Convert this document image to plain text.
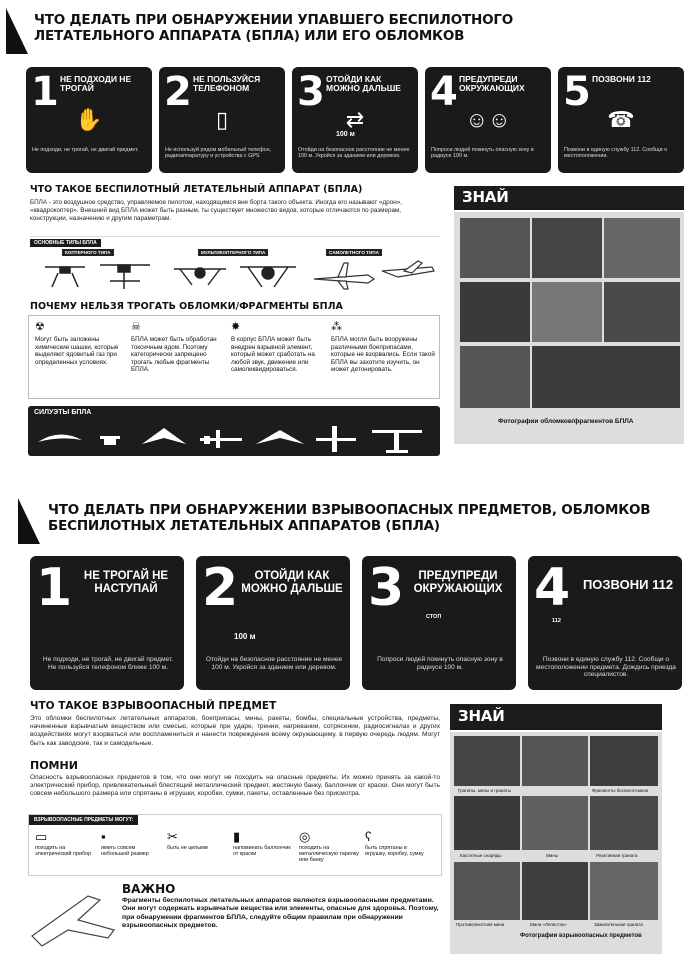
ЧТО ДЕЛАТЬ ПРИ ОБНАРУЖЕНИИ УПАВШЕГО БЕСПИЛОТНОГО
ЛЕТАТЕЛЬНОГО АППАРАТА (БПЛА) ИЛИ ЕГО ОБЛОМКОВ
1 НЕ ПОДХОДИ НЕ ТРОГАЙ
✋
Не подходи, не трогай, не двигай предмет.
2 НЕ ПОЛЬЗУЙСЯ ТЕЛЕФОНОМ
▯
Не используй рядом мобильный телефон, радиоаппаратуру и устройства с GPS
3 ОТОЙДИ КАК МОЖНО ДАЛЬШЕ
⇄
100 м
Отойди на безопасное расстояние не менее 100 м. Укройся за зданием или деревом.
4 ПРЕДУПРЕДИ ОКРУЖАЮЩИХ
☺☺
Попроси людей покинуть опасную зону в радиусе 100 м.
5 ПОЗВОНИ 112
☎
Позвони в единую службу 112. Сообщи о местоположении.
ЧТО ТАКОЕ БЕСПИЛОТНЫЙ ЛЕТАТЕЛЬНЫЙ АППАРАТ (БПЛА)
БПЛА - это воздушное средство, управляемое пилотом, находящимся вне борта такого объекта. Иногда его называют «дрон», «квадрокоптер». Внешний вид БПЛА может быть разным, ты существует множество видов, которые отличаются по размерам, конструкции, назначению и другим параметрам.
ОСНОВНЫЕ ТИПЫ БПЛА
КОПТЕРНОГО ТИПА	МУЛЬТИКОПТЕРНОГО ТИПА	САМОЛЕТНОГО ТИПА
ПОЧЕМУ НЕЛЬЗЯ ТРОГАТЬ ОБЛОМКИ/ФРАГМЕНТЫ БПЛА
☢
Могут быть заложены химические шашки, которые выделяют ядовитый газ при определенных условиях.
☠
БПЛА может быть обработан токсичным ядом. Поэтому категорически запрещено трогать любые фрагменты БПЛА.
✸
В корпус БПЛА может быть внедрен взрывной элемент, который может сработать на любой звук, движение или самоликвидироваться.
⁂
БПЛА могли быть вооружены различными боеприпасами, которые не взорвались. Если такой БПЛА вы захотите изучить, он может детонировать.
СИЛУЭТЫ БПЛА
ЗНАЙ
Фотографии обломков/фрагментов БПЛА
ЧТО ДЕЛАТЬ ПРИ ОБНАРУЖЕНИИ ВЗРЫВООПАСНЫХ ПРЕДМЕТОВ, ОБЛОМКОВ
БЕСПИЛОТНЫХ ЛЕТАТЕЛЬНЫХ АППАРАТОВ (БПЛА)
1	НЕ ТРОГАЙ НЕ НАСТУПАЙ
Не подходи, не трогай, не двигай предмет. Не пользуйся телефоном ближе 100 м.
2	ОТОЙДИ КАК МОЖНО ДАЛЬШЕ
100 м
Отойди на безопасное расстояние не менее 100 м. Укройся за зданием или деревом.
3	ПРЕДУПРЕДИ ОКРУЖАЮЩИХ
СТОП
Попроси людей покинуть опасную зону в радиусе 100 м.
4 ПОЗВОНИ 112
112
Позвони в единую службу 112. Сообщи о местоположении предмета. Дождись приезда специалистов.
ЧТО ТАКОЕ ВЗРЫВООПАСНЫЙ ПРЕДМЕТ
Это обломки беспилотных летательных аппаратов, боеприпасы, мины, ракеты, бомбы, специальные устройства, предметы, начиненные взрывчатым веществом или смесью, которые при ударе, трении, нагревании, сотрясении, радиосигналах и других воздействиях могут взорваться или воспламениться и нанести повреждения всему окружающему, в первую очередь людям. Могут быть как заводские, так и самодельные.
ПОМНИ
Опасность взрывоопасных предметов в том, что они могут не походить на опасные предметы. Их можно принять за какой-то электрический прибор, привлекательный блестящий металлический предмет, жестяную банку, баллончик от краски. Они могут быть совсем небольшого размера или спрятаны в игрушки, коробки, сумки, пакеты, оставленные без присмотра.
ВЗРЫВООПАСНЫЕ ПРЕДМЕТЫ МОГУТ:
▭
походить на электрический прибор
▪
иметь совсем небольшой размер
✂
быть не целыми
▮
напоминать баллончик от краски
◎
походить на металлическую тарелку или банку
ʕ
быть спрятаны в игрушку, коробку, сумку
ВАЖНО
Фрагменты беспилотных летательных аппаратов являются взрывоопасными предметами. Они могут содержать взрывчатые вещества или элементы, опасные для здоровья. Поэтому, при обнаружении фрагментов БПЛА, следуйте общим правилам при обнаружении взрывоопасных предметов.
ЗНАЙ
Гранаты, мины и гранаты	Фрагменты беспилотников
Кассетные снаряды	Мины	Реактивная граната
Противопехотная мина	Мина «Лепесток»	Зажигательная граната
Фотографии взрывоопасных предметов
